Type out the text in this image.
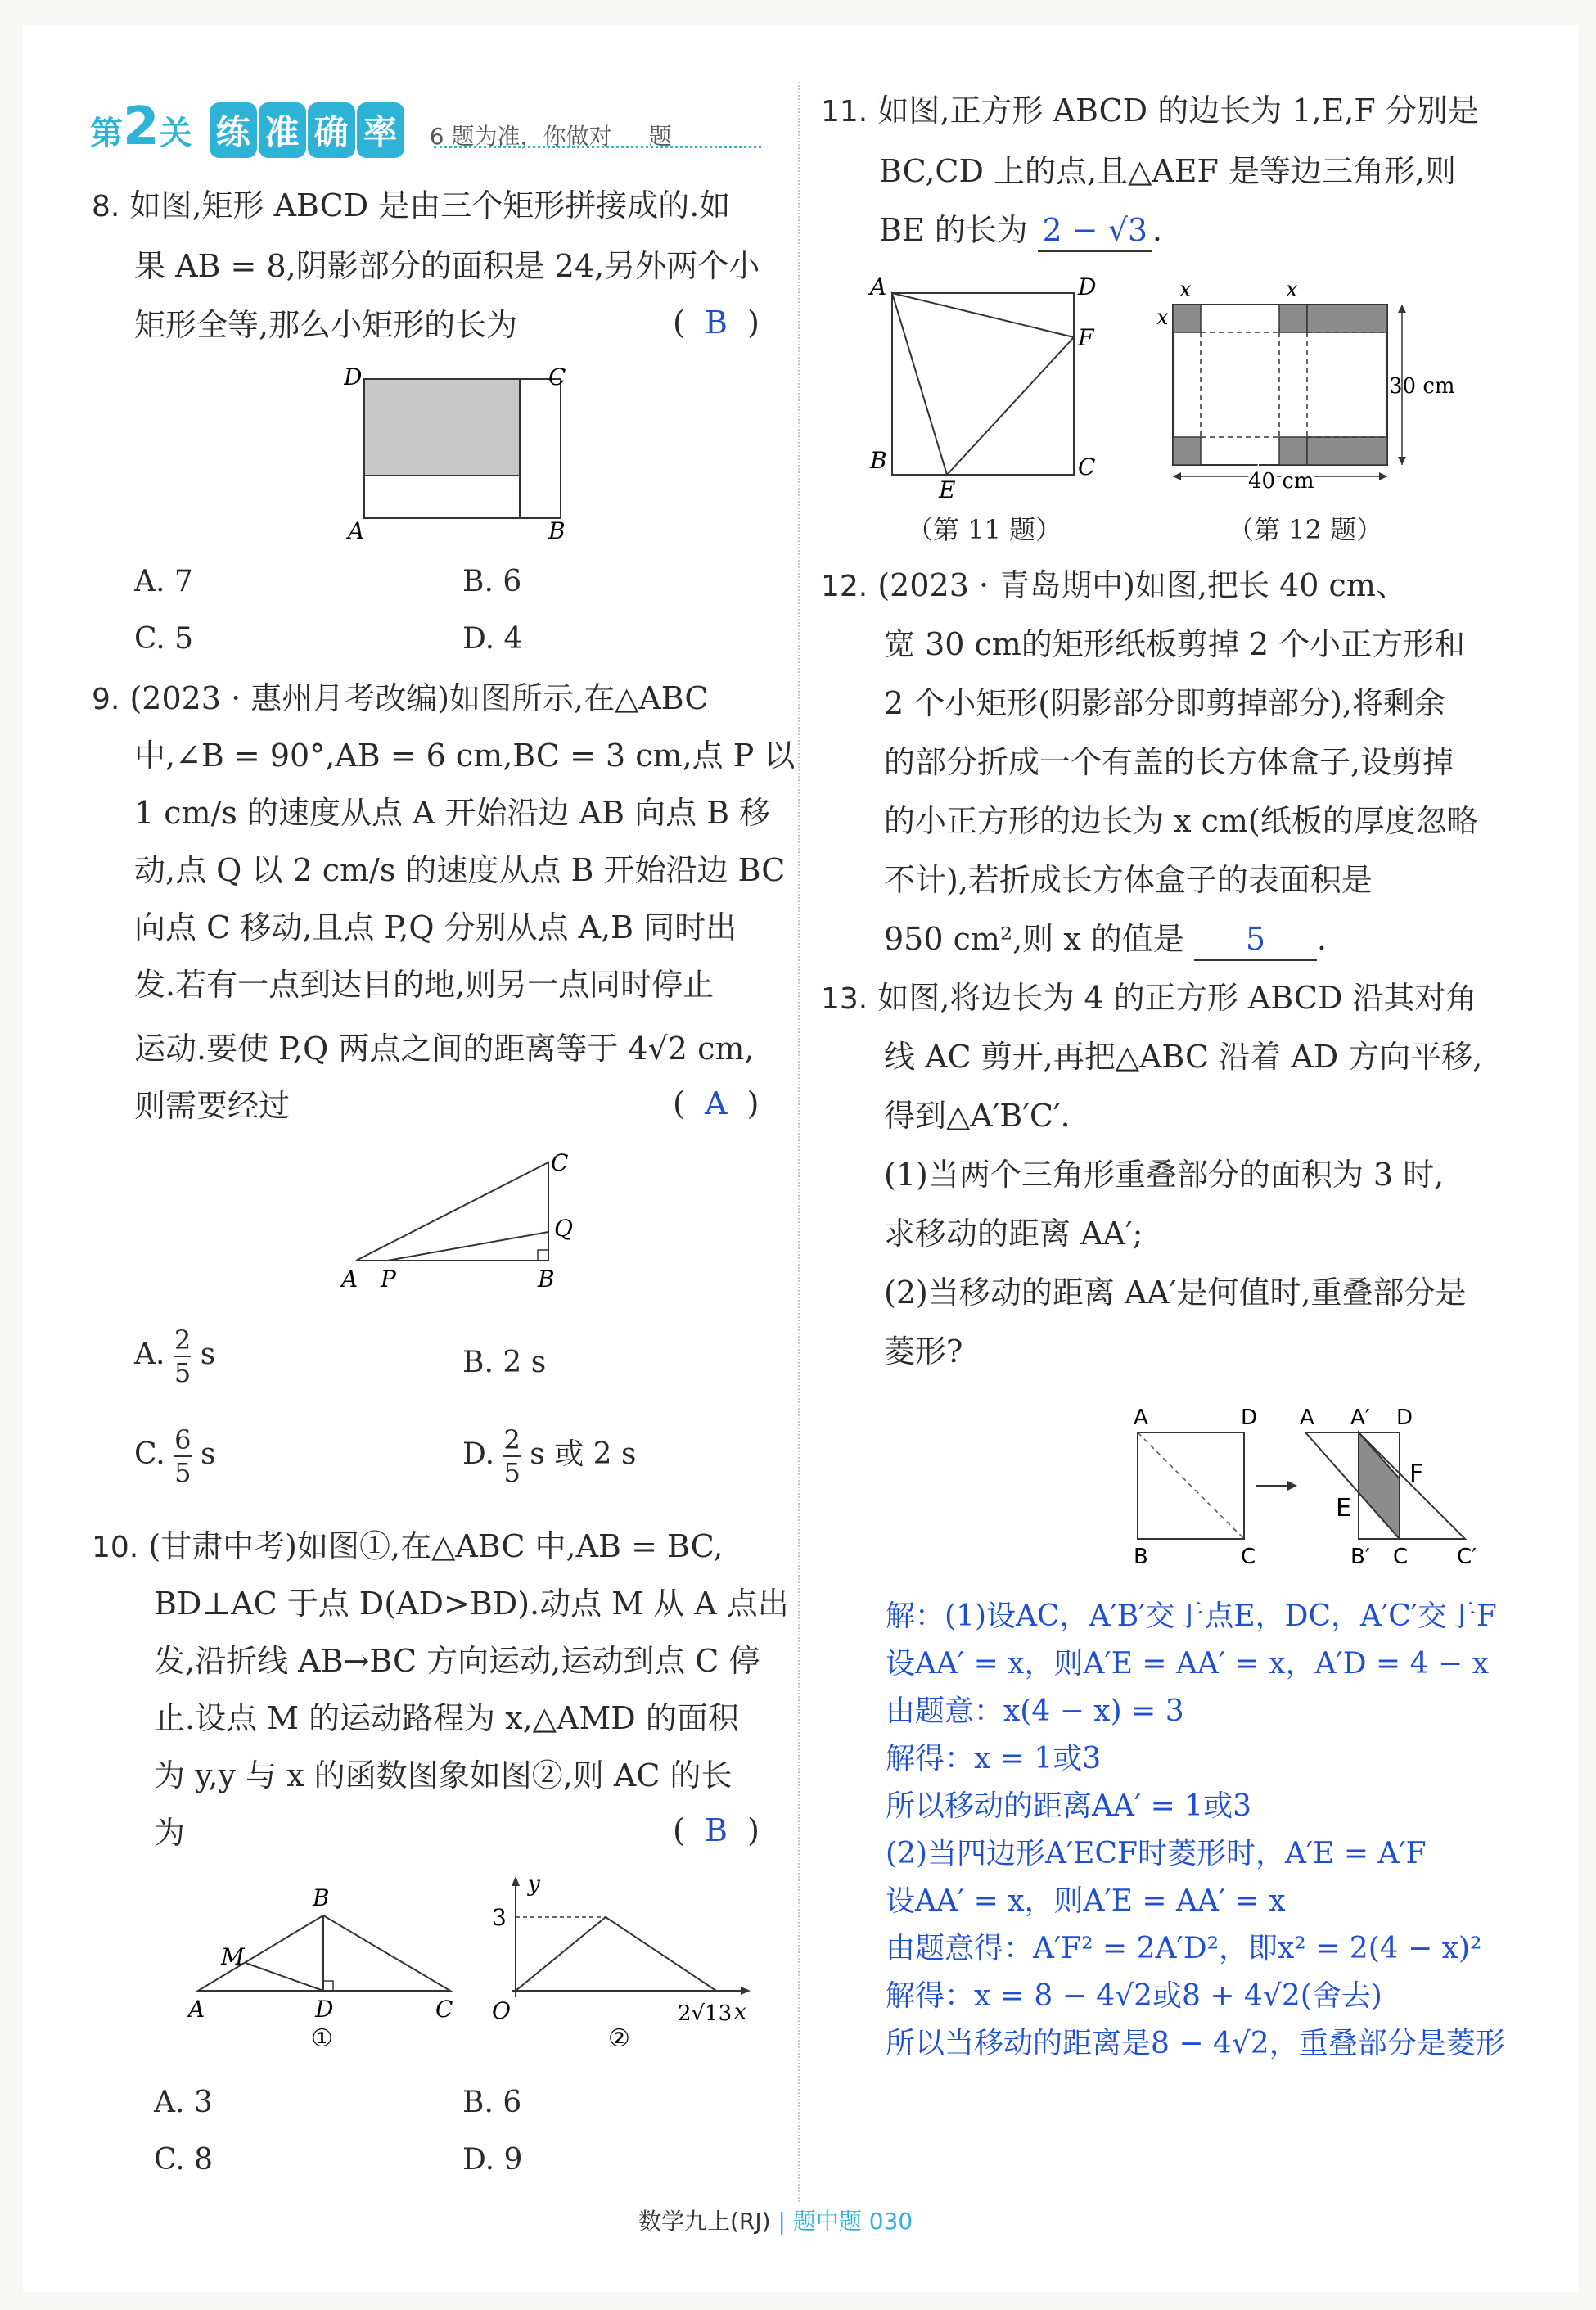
第2关 练 准 确 率 6 题为准，你做对 题
8. 如图,矩形 ABCD 是由三个矩形拼接成的.如
果 AB = 8,阴影部分的面积是 24,另外两个小
矩形全等,那么小矩形的长为	(  B  )
D	C
A	B
A. 7	B. 6
C. 5	D. 4
9. (2023 · 惠州月考改编)如图所示,在△ABC
中,∠B = 90°,AB = 6 cm,BC = 3 cm,点 P 以
1 cm/s 的速度从点 A 开始沿边 AB 向点 B 移
动,点 Q 以 2 cm/s 的速度从点 B 开始沿边 BC
向点 C 移动,且点 P,Q 分别从点 A,B 同时出
发.若有一点到达目的地,则另一点同时停止
运动.要使 P,Q 两点之间的距离等于 4√2 cm,
则需要经过	(  A  )
A P	B
Q
C
A. $\frac{2}{5}$ s	B. 2 s
C. $\frac{6}{5}$ s	D. $\frac{2}{5}$ s 或 2 s
10. (甘肃中考)如图①,在△ABC 中,AB = BC,
BD⊥AC 于点 D(AD>BD).动点 M 从 A 点出
发,沿折线 AB→BC 方向运动,运动到点 C 停
止.设点 M 的运动路程为 x,△AMD 的面积
为 y,y 与 x 的函数图象如图②,则 AC 的长
为	(  B  )
B
M
A	D	C
①
y
3
O	2√13 x
②
A. 3	B. 6
C. 8	D. 9
11. 如图,正方形 ABCD 的边长为 1,E,F 分别是
BC,CD 上的点,且△AEF 是等边三角形,则
BE 的长为 2 − √3 .
A	D
F
B
E
C
（第 11 题）
x	x
x
30 cm
40 cm
（第 12 题）
12. (2023 · 青岛期中)如图,把长 40 cm、
宽 30 cm的矩形纸板剪掉 2 个小正方形和
2 个小矩形(阴影部分即剪掉部分),将剩余
的部分折成一个有盖的长方体盒子,设剪掉
的小正方形的边长为 x cm(纸板的厚度忽略
不计),若折成长方体盒子的表面积是
950 cm²,则 x 的值是 5 .
13. 如图,将边长为 4 的正方形 ABCD 沿其对角
线 AC 剪开,再把△ABC 沿着 AD 方向平移,
得到△A′B′C′.
(1)当两个三角形重叠部分的面积为 3 时,
求移动的距离 AA′;
(2)当移动的距离 AA′是何值时,重叠部分是
菱形?
A	D
B	C
A A′ D
F
E
B′ C C′
解：(1)设AC，A′B′交于点E，DC，A′C′交于F
设AA′ = x，则A′E = AA′ = x，A′D = 4 − x
由题意：x(4 − x) = 3
解得：x = 1或3
所以移动的距离AA′ = 1或3
(2)当四边形A′ECF时菱形时，A′E = A′F
设AA′ = x，则A′E = AA′ = x
由题意得：A′F² = 2A′D²，即x² = 2(4 − x)²
解得：x = 8 − 4√2或8 + 4√2(舍去)
所以当移动的距离是8 − 4√2，重叠部分是菱形
数学九上(RJ) | 题中题 030
